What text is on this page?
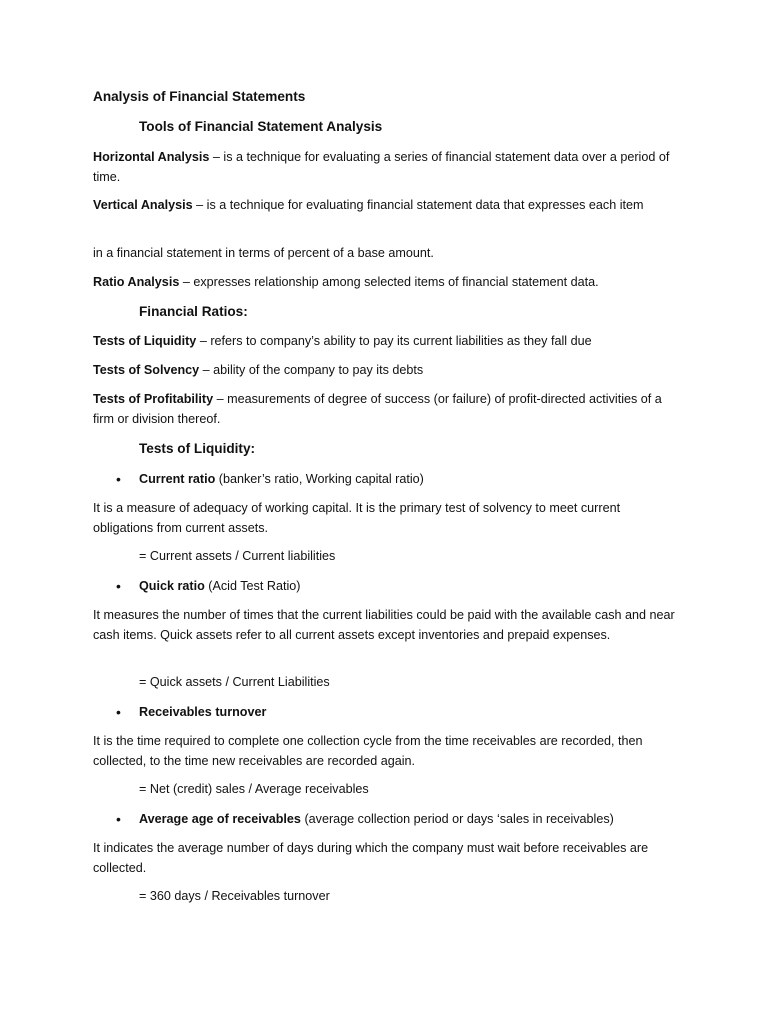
Analysis of Financial Statements

Tools of Financial Statement Analysis

Horizontal Analysis – is a technique for evaluating a series of financial statement data over a period of time.

Vertical Analysis – is a technique for evaluating financial statement data that expresses each item

in a financial statement in terms of percent of a base amount.

Ratio Analysis – expresses relationship among selected items of financial statement data.

Financial Ratios:

Tests of Liquidity – refers to company’s ability to pay its current liabilities as they fall due

Tests of Solvency – ability of the company to pay its debts

Tests of Profitability – measurements of degree of success (or failure) of profit-directed activities of a firm or division thereof.

Tests of Liquidity:

• Current ratio (banker’s ratio, Working capital ratio)

It is a measure of adequacy of working capital. It is the primary test of solvency to meet current obligations from current assets.

= Current assets / Current liabilities

• Quick ratio (Acid Test Ratio)

It measures the number of times that the current liabilities could be paid with the available cash and near cash items. Quick assets refer to all current assets except inventories and prepaid expenses.

= Quick assets / Current Liabilities

• Receivables turnover

It is the time required to complete one collection cycle from the time receivables are recorded, then collected, to the time new receivables are recorded again.

= Net (credit) sales / Average receivables

• Average age of receivables (average collection period or days ‘sales in receivables)

It indicates the average number of days during which the company must wait before receivables are collected.

= 360 days / Receivables turnover
